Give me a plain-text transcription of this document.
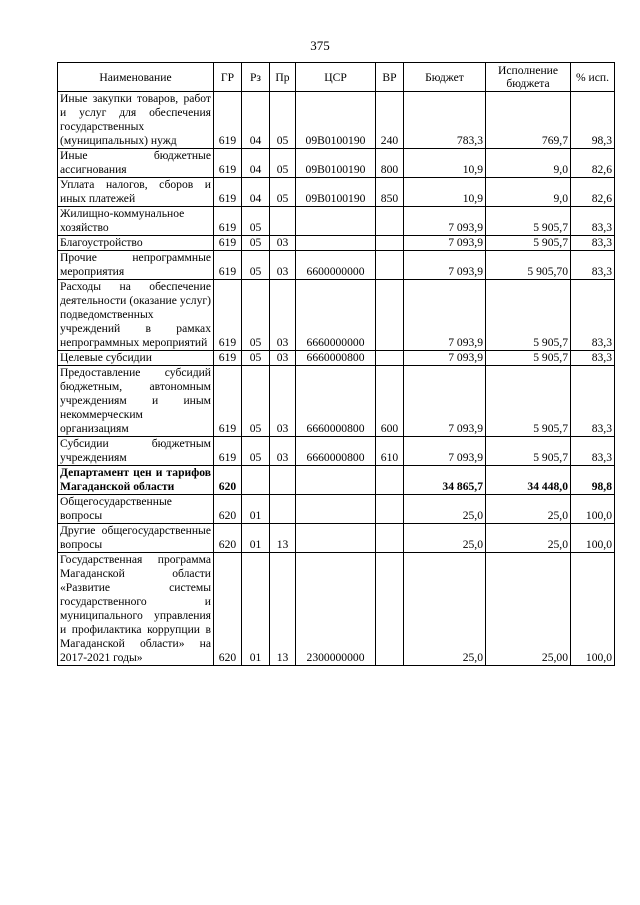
375
Наименование	ГР	Рз	Пр	ЦСР	ВР	Бюджет	Исполнение бюджета	% исп.
Иные закупки товаров, работ и услуг для обеспечения государственных (муниципальных) нужд	619	04	05	09В0100190	240	783,3	769,7	98,3
Иные бюджетные ассигнования	619	04	05	09В0100190	800	10,9	9,0	82,6
Уплата налогов, сборов и иных платежей	619	04	05	09В0100190	850	10,9	9,0	82,6
Жилищно-коммунальное хозяйство	619	05				7 093,9	5 905,7	83,3
Благоустройство	619	05	03			7 093,9	5 905,7	83,3
Прочие непрограммные мероприятия	619	05	03	6600000000		7 093,9	5 905,70	83,3
Расходы на обеспечение деятельности (оказание услуг) подведомственных учреждений в рамках непрограммных мероприятий	619	05	03	6660000000		7 093,9	5 905,7	83,3
Целевые субсидии	619	05	03	6660000800		7 093,9	5 905,7	83,3
Предоставление субсидий бюджетным, автономным учреждениям и иным некоммерческим организациям	619	05	03	6660000800	600	7 093,9	5 905,7	83,3
Субсидии бюджетным учреждениям	619	05	03	6660000800	610	7 093,9	5 905,7	83,3
Департамент цен и тарифов Магаданской области	620					34 865,7	34 448,0	98,8
Общегосударственные вопросы	620	01				25,0	25,0	100,0
Другие общегосударственные вопросы	620	01	13			25,0	25,0	100,0
Государственная программа Магаданской области «Развитие системы государственного и муниципального управления и профилактика коррупции в Магаданской области» на 2017-2021 годы»	620	01	13	2300000000		25,0	25,00	100,0
